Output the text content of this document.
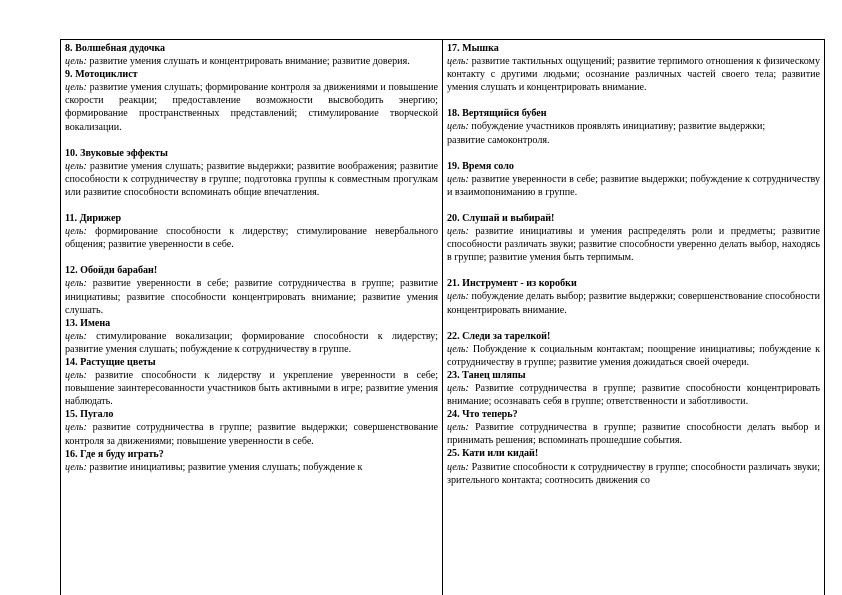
8. Волшебная дудочка
цель: развитие умения слушать и концентрировать внимание; развитие доверия.
9. Мотоциклист
цель: развитие умения слушать; формирование контроля за движениями и повышение скорости реакции; предоставление возможности высвободить энергию; формирование пространственных представлений; стимулирование творческой вокализации.
10. Звуковые эффекты
цель: развитие умения слушать; развитие выдержки; развитие воображения; развитие способности к сотрудничеству в группе; подготовка группы к совместным прогулкам или развитие способности вспоминать общие впечатления.
11. Дирижер
цель: формирование способности к лидерству; стимулирование невербального общения; развитие уверенности в себе.
12. Обойди барабан!
цель: развитие уверенности в себе; развитие сотрудничества в группе; развитие инициативы; развитие способности концентрировать внимание; развитие умения слушать.
13. Имена
цель: стимулирование вокализации; формирование способности к лидерству; развитие умения слушать; побуждение к сотрудничеству в группе.
14. Растущие цветы
цель: развитие способности к лидерству и укрепление уверенности в себе; повышение заинтересованности участников быть активными в игре; развитие умения наблюдать.
15. Пугало
цель: развитие сотрудничества в группе; развитие выдержки; совершенствование контроля за движениями; повышение уверенности в себе.
16. Где я буду играть?
цель: развитие инициативы; развитие умения слушать; побуждение к
17. Мышка
цель: развитие тактильных ощущений; развитие терпимого отношения к физическому контакту с другими людьми; осознание различных частей своего тела; развитие умения слушать и концентрировать внимание.
18. Вертящийся бубен
цель: побуждение участников проявлять инициативу; развитие выдержки;
развитие самоконтроля.
19. Время соло
цель: развитие уверенности в себе; развитие выдержки; побуждение к сотрудничеству и взаимопониманию в группе.
20. Слушай и выбирай!
цель: развитие инициативы и умения распределять роли и предметы; развитие способности различать звуки; развитие способности уверенно делать выбор, находясь в группе; развитие умения быть терпимым.
21. Инструмент - из коробки
цель: побуждение делать выбор; развитие выдержки; совершенствование способности концентрировать внимание.
22. Следи за тарелкой!
цель: Побуждение к социальным контактам; поощрение инициативы; побуждение к сотрудничеству в группе; развитие умения дожидаться своей очереди.
23. Танец шляпы
цель: Развитие сотрудничества в группе; развитие способности концентрировать внимание; осознавать себя в группе; ответственности и заботливости.
24. Что теперь?
цель: Развитие сотрудничества в группе; развитие способности делать выбор и принимать решения; вспоминать прошедшие события.
25. Кати или кидай!
цель: Развитие способности к сотрудничеству в группе; способности различать звуки; зрительного контакта; соотносить движения со
